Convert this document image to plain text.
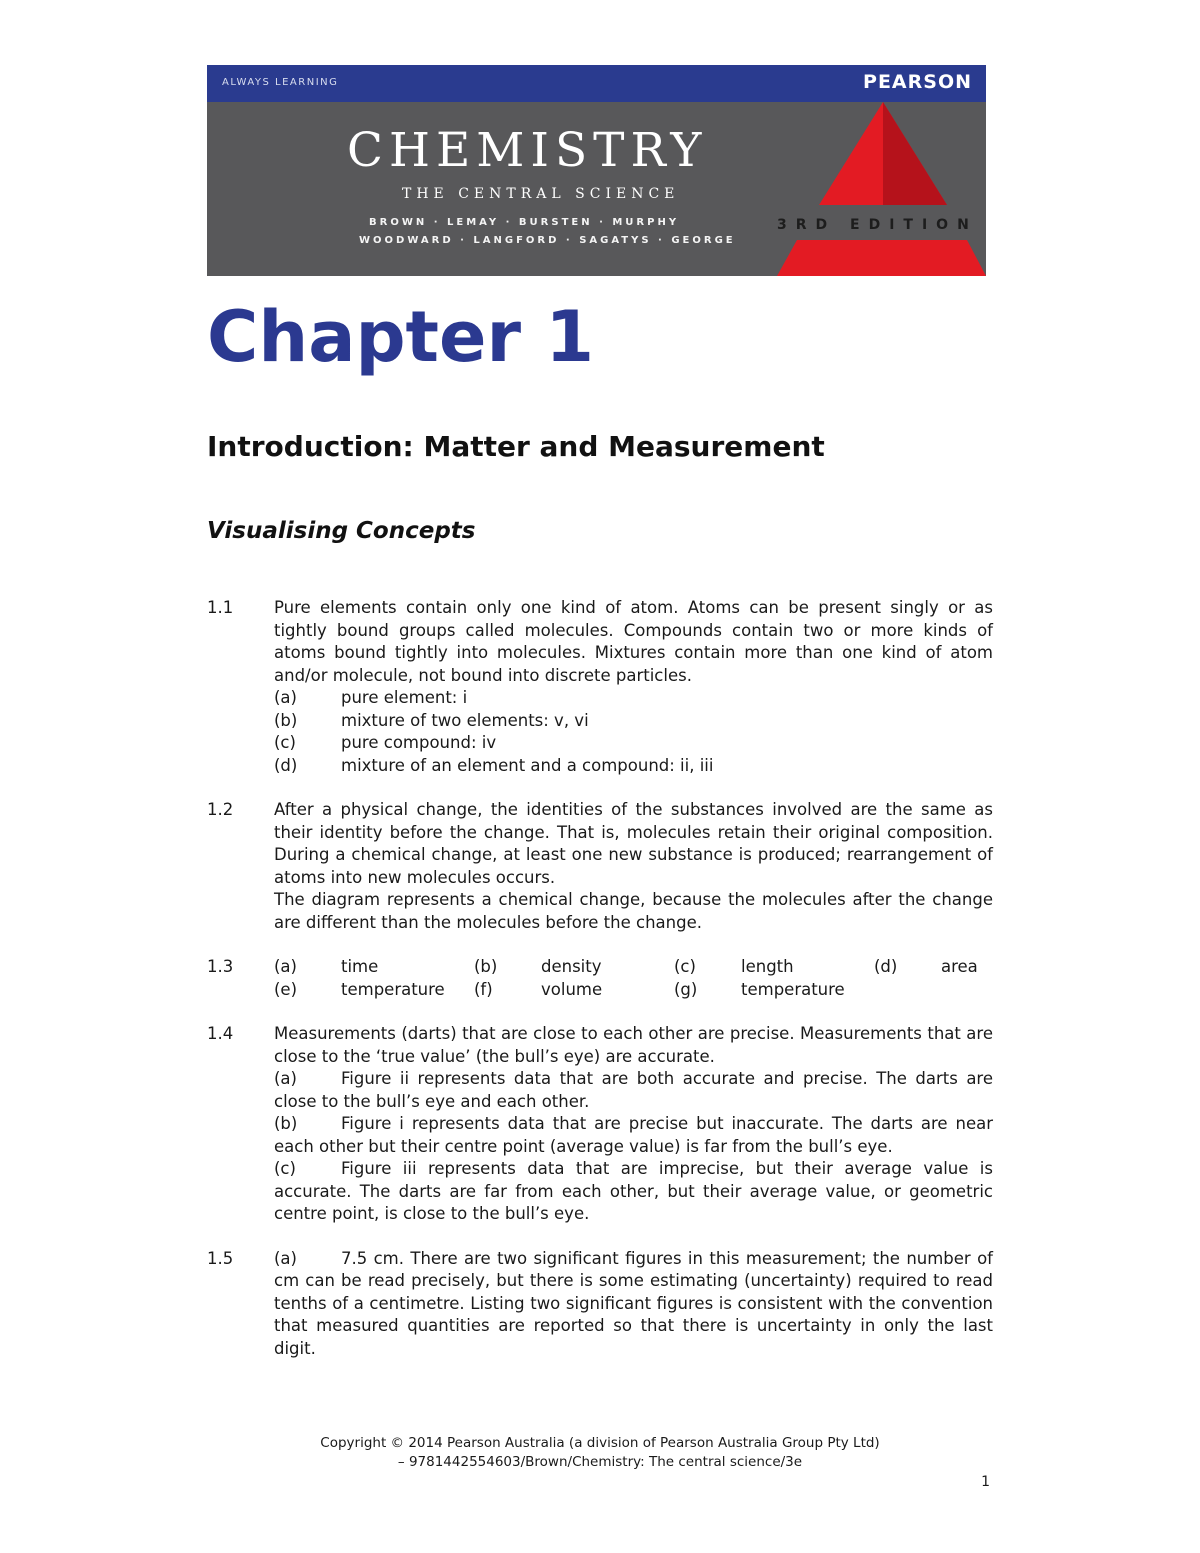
ALWAYS LEARNING	PEARSON
CHEMISTRY
THE CENTRAL SCIENCE
BROWN · LEMAY · BURSTEN · MURPHY
WOODWARD · LANGFORD · SAGATYS · GEORGE
3RD EDITION
Chapter 1
Introduction: Matter and Measurement
Visualising Concepts
1.1 Pure elements contain only one kind of atom. Atoms can be present singly or as tightly bound groups called molecules. Compounds contain two or more kinds of atoms bound tightly into molecules. Mixtures contain more than one kind of atom and/or molecule, not bound into discrete particles.

(a)	pure element: i
(b)	mixture of two elements: v, vi
(c)	pure compound: iv
(d)	mixture of an element and a compound: ii, iii
1.2 After a physical change, the identities of the substances involved are the same as their identity before the change. That is, molecules retain their original composition. During a chemical change, at least one new substance is produced; rearrangement of atoms into new molecules occurs.

The diagram represents a chemical change, because the molecules after the change are different than the molecules before the change.

1.3 (a)	time	(b)	density	(c)	length	(d)	area
(e)	temperature	(f)	volume	(g)	temperature
1.4 Measurements (darts) that are close to each other are precise. Measurements that are close to the ‘true value’ (the bull’s eye) are accurate.

(a)	Figure ii represents data that are both accurate and precise. The darts are close to the bull’s eye and each other.

(b)	Figure i represents data that are precise but inaccurate. The darts are near each other but their centre point (average value) is far from the bull’s eye.

(c)	Figure iii represents data that are imprecise, but their average value is accurate. The darts are far from each other, but their average value, or geometric centre point, is close to the bull’s eye.

1.5 (a)	7.5 cm. There are two significant figures in this measurement; the number of cm can be read precisely, but there is some estimating (uncertainty) required to read tenths of a centimetre. Listing two significant figures is consistent with the convention that measured quantities are reported so that there is uncertainty in only the last digit.

Copyright © 2014 Pearson Australia (a division of Pearson Australia Group Pty Ltd)
– 9781442554603/Brown/Chemistry: The central science/3e
1
